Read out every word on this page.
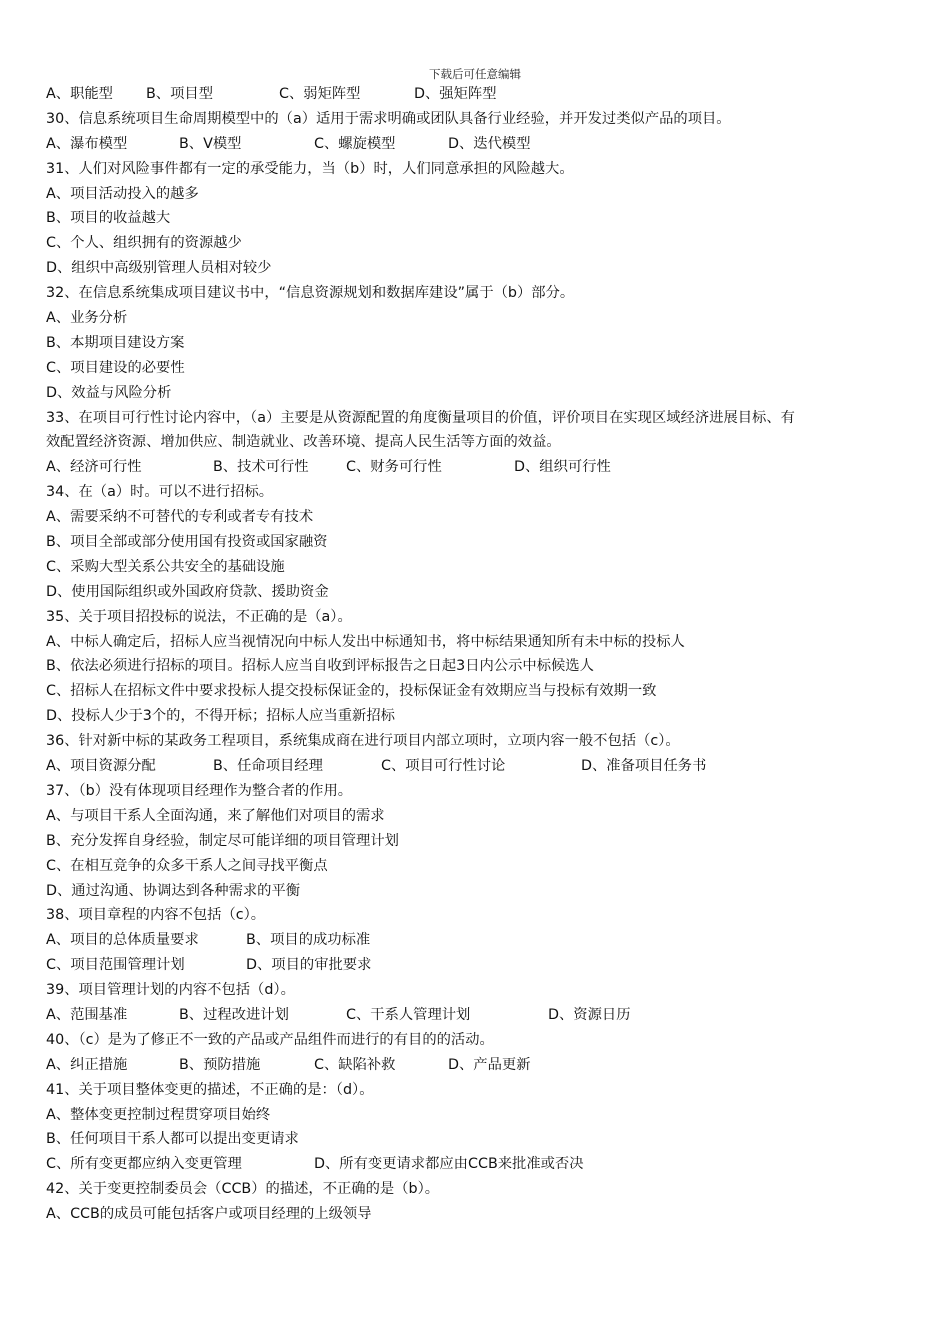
下载后可任意编辑
A、职能型 B、项目型	C、弱矩阵型	D、强矩阵型
30、信息系统项目生命周期模型中的（a）适用于需求明确或团队具备行业经验，并开发过类似产品的项目。
A、瀑布模型	B、V模型	C、螺旋模型	D、迭代模型
31、人们对风险事件都有一定的承受能力，当（b）时，人们同意承担的风险越大。
A、项目活动投入的越多
B、项目的收益越大
C、个人、组织拥有的资源越少
D、组织中高级别管理人员相对较少
32、在信息系统集成项目建议书中，“信息资源规划和数据库建设”属于（b）部分。
A、业务分析
B、本期项目建设方案
C、项目建设的必要性
D、效益与风险分析
33、在项目可行性讨论内容中，（a）主要是从资源配置的角度衡量项目的价值，评价项目在实现区域经济进展目标、有
效配置经济资源、增加供应、制造就业、改善环境、提高人民生活等方面的效益。
A、经济可行性	B、技术可行性	C、财务可行性	D、组织可行性
34、在（a）时。可以不进行招标。
A、需要采纳不可替代的专利或者专有技术
B、项目全部或部分使用国有投资或国家融资
C、采购大型关系公共安全的基础设施
D、使用国际组织或外国政府贷款、援助资金
35、关于项目招投标的说法，不正确的是（a）。
A、中标人确定后，招标人应当视情况向中标人发出中标通知书，将中标结果通知所有未中标的投标人
B、依法必须进行招标的项目。招标人应当自收到评标报告之日起3日内公示中标候选人
C、招标人在招标文件中要求投标人提交投标保证金的，投标保证金有效期应当与投标有效期一致
D、投标人少于3个的，不得开标；招标人应当重新招标
36、针对新中标的某政务工程项目，系统集成商在进行项目内部立项时，立项内容一般不包括（c）。
A、项目资源分配	B、任命项目经理	C、项目可行性讨论	D、准备项目任务书
37、（b）没有体现项目经理作为整合者的作用。
A、与项目干系人全面沟通，来了解他们对项目的需求
B、充分发挥自身经验，制定尽可能详细的项目管理计划
C、在相互竞争的众多干系人之间寻找平衡点
D、通过沟通、协调达到各种需求的平衡
38、项目章程的内容不包括（c）。
A、项目的总体质量要求	B、项目的成功标准
C、项目范围管理计划	D、项目的审批要求
39、项目管理计划的内容不包括（d）。
A、范围基准	B、过程改进计划	C、干系人管理计划	D、资源日历
40、（c）是为了修正不一致的产品或产品组件而进行的有目的的活动。
A、纠正措施	B、预防措施	C、缺陷补救	D、产品更新
41、关于项目整体变更的描述，不正确的是：（d）。
A、整体变更控制过程贯穿项目始终
B、任何项目干系人都可以提出变更请求
C、所有变更都应纳入变更管理	D、所有变更请求都应由CCB来批准或否决
42、关于变更控制委员会（CCB）的描述，不正确的是（b）。
A、CCB的成员可能包括客户或项目经理的上级领导
